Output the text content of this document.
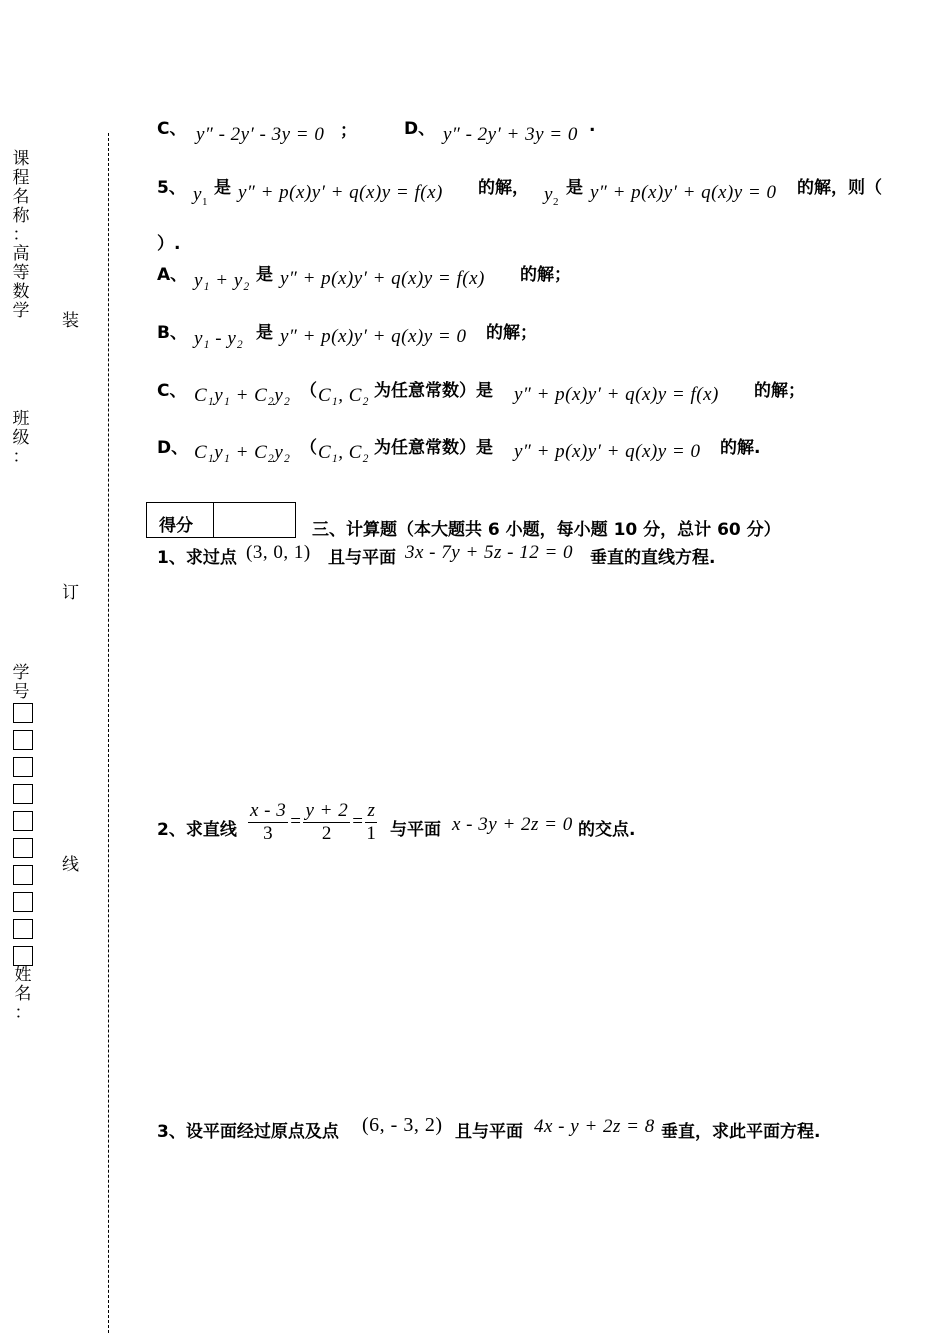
课
程
名
称
：
高
等
数
学
班
级
：
学
号
姓
名
：
装
订
线
C、 y″ - 2y′ - 3y = 0 ；	D、 y″ - 2y′ + 3y = 0 .
5、 $y_1$
是 y″ + p(x)y′ + q(x)y = f(x) 的解， $y_2$
是 y″ + p(x)y′ + q(x)y = 0 的解，则（
）.
A、 y₁ + y₂ 是 y″ + p(x)y′ + q(x)y = f(x) 的解；
B、 y₁ - y₂ 是 y″ + p(x)y′ + q(x)y = 0 的解；
C、 C₁y₁ + C₂y₂ （ C₁, C₂ 为任意常数）是 y″ + p(x)y′ + q(x)y = f(x) 的解；
D、 C₁y₁ + C₂y₂ （ C₁, C₂ 为任意常数）是 y″ + p(x)y′ + q(x)y = 0 的解.
得分	三、计算题（本大题共 6 小题，每小题 10 分，总计 60 分）
1、求过点 (3, 0, 1) 且与平面 3x - 7y + 5z - 12 = 0 垂直的直线方程.
2、求直线 $\frac{x - 3}{3} = \frac{y + 2}{2} = \frac{z}{1}$ 与平面 x - 3y + 2z = 0 的交点.
3、设平面经过原点及点 (6, - 3, 2) 且与平面 4x - y + 2z = 8 垂直，求此平面方程.
